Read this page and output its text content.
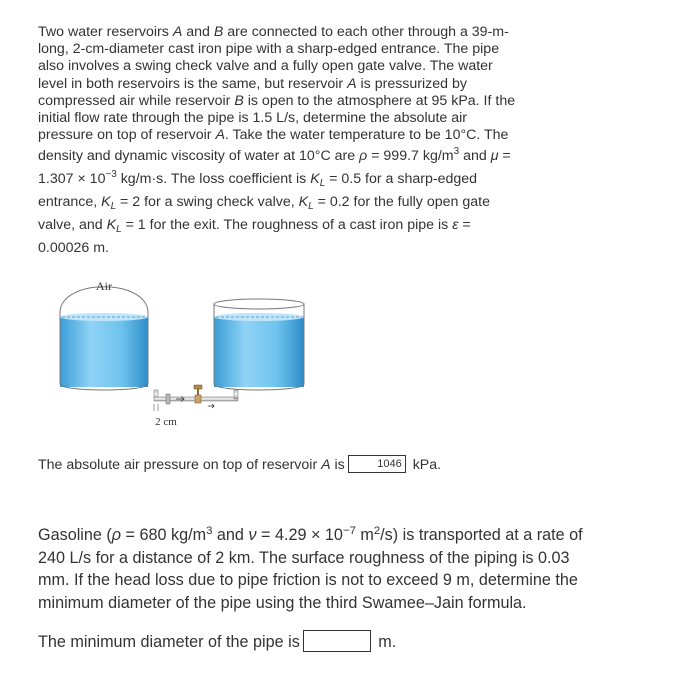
Two water reservoirs A and B are connected to each other through a 39-m-
long, 2-cm-diameter cast iron pipe with a sharp-edged entrance. The pipe
also involves a swing check valve and a fully open gate valve. The water
level in both reservoirs is the same, but reservoir A is pressurized by
compressed air while reservoir B is open to the atmosphere at 95 kPa. If the
initial flow rate through the pipe is 1.5 L/s, determine the absolute air
pressure on top of reservoir A. Take the water temperature to be 10°C. The
density and dynamic viscosity of water at 10°C are ρ = 999.7 $kg/m^3$ and μ =
$1.307 \times 10^{-3}$ kg/m·s. The loss coefficient is $K_L = 0.5$ for a sharp-edged
entrance, $K_L = 2$ for a swing check valve, $K_L = 0.2$ for the fully open gate
valve, and $K_L = 1$ for the exit. The roughness of a cast iron pipe is ε =
0.00026 m.
Air
2 cm
The absolute air pressure on top of reservoir A is	1046 kPa.
Gasoline (ρ = 680 $kg/m^3$ and $\nu = 4.29 \times 10^{-7}$ $m^2/s$) is transported at a rate of
240 L/s for a distance of 2 km. The surface roughness of the piping is 0.03
mm. If the head loss due to pipe friction is not to exceed 9 m, determine the
minimum diameter of the pipe using the third Swamee–Jain formula.
The minimum diameter of the pipe is	m.
